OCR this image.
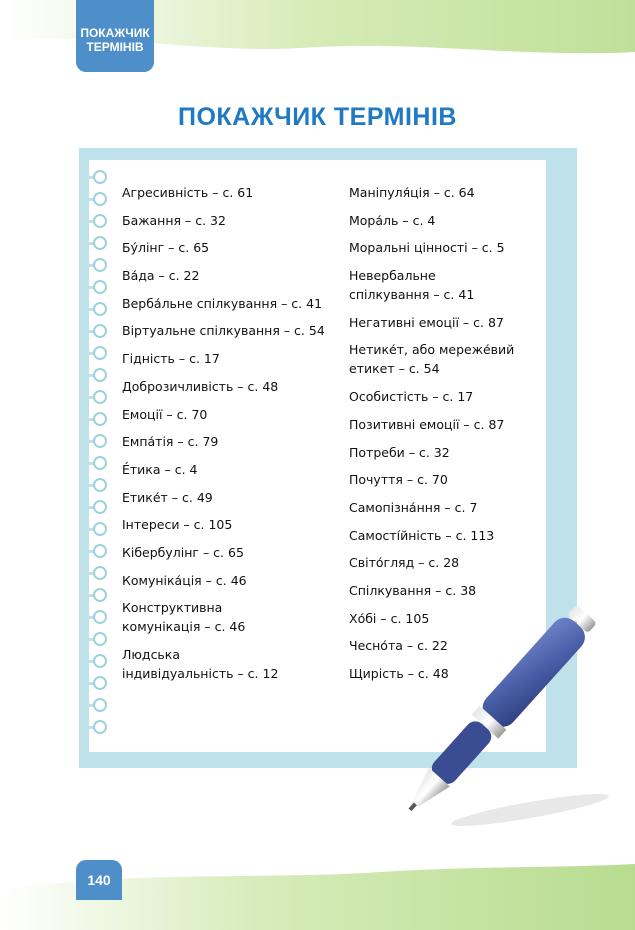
ПОКАЖЧИК
ТЕРМІНІВ
ПОКАЖЧИК ТЕРМІНІВ
Агресивність – с. 61
Бажання – с. 32
Бу́лінг – с. 65
Ва́да – с. 22
Верба́льне спілкування – с. 41
Віртуальне спілкування – с. 54
Гідність – с. 17
Доброзичливість – с. 48
Емоції – с. 70
Емпа́тія – с. 79
Е́тика – с. 4
Етике́т – с. 49
Інтереси – с. 105
Кібербулінг – с. 65
Комуніка́ція – с. 46
Конструктивна
комунікація – с. 46
Людська
індивідуальність – с. 12
Маніпуля́ція – с. 64
Мора́ль – с. 4
Моральні цінності – с. 5
Невербальне
спілкування – с. 41
Негативні емоції – с. 87
Нетике́т, або мереже́вий
етикет – с. 54
Особистість – с. 17
Позитивні емоції – с. 87
Потреби – с. 32
Почуття – с. 70
Самопізна́ння – с. 7
Самості́йність – с. 113
Світо́гляд – с. 28
Спілкування – с. 38
Хо́бі – с. 105
Чесно́та – с. 22
Щирість – с. 48
140
